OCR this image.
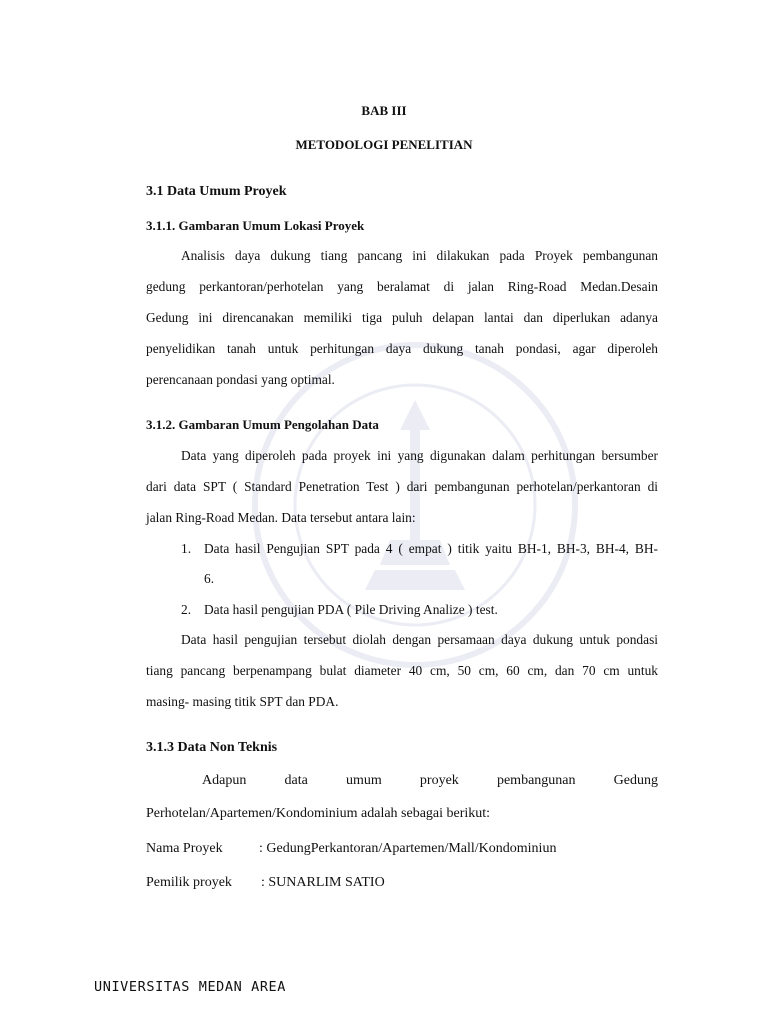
BAB III

METODOLOGI PENELITIAN

3.1 Data Umum Proyek

3.1.1. Gambaran Umum Lokasi Proyek

Analisis daya dukung tiang pancang ini dilakukan pada Proyek pembangunan

gedung perkantoran/perhotelan yang beralamat di jalan Ring-Road Medan.Desain

Gedung ini direncanakan memiliki tiga puluh delapan lantai dan diperlukan adanya

penyelidikan tanah untuk perhitungan daya dukung tanah pondasi, agar diperoleh

perencanaan pondasi yang optimal.

3.1.2. Gambaran Umum Pengolahan Data

Data yang diperoleh pada proyek ini yang digunakan dalam perhitungan bersumber

dari data SPT ( Standard Penetration Test ) dari pembangunan perhotelan/perkantoran di

jalan Ring-Road Medan. Data tersebut antara lain:

1. Data hasil Pengujian SPT pada 4 ( empat ) titik yaitu BH-1, BH-3, BH-4, BH-

6.

2. Data hasil pengujian PDA ( Pile Driving Analize ) test.

Data hasil pengujian tersebut diolah dengan persamaan daya dukung untuk pondasi

tiang pancang berpenampang bulat diameter 40 cm, 50 cm, 60 cm, dan 70 cm untuk

masing- masing titik SPT dan PDA.

3.1.3 Data Non Teknis

Adapun data umum proyek pembangunan Gedung

Perhotelan/Apartemen/Kondominium adalah sebagai berikut:

Nama Proyek	: GedungPerkantoran/Apartemen/Mall/Kondominiun
Pemilik proyek : SUNARLIM SATIO
UNIVERSITAS MEDAN AREA
